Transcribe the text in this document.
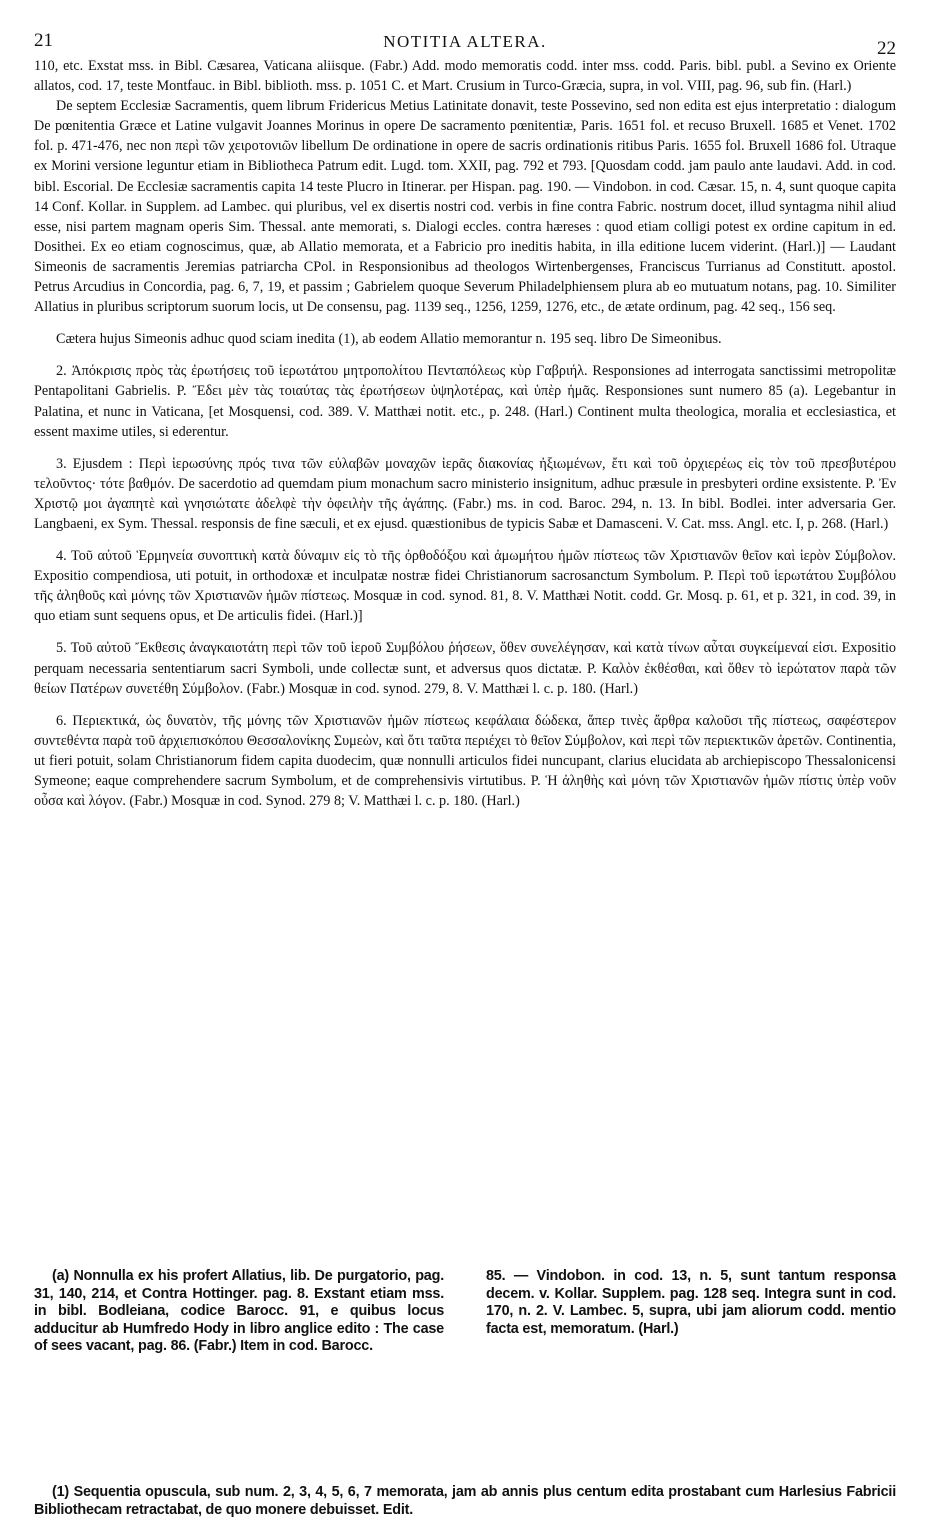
21	NOTITIA ALTERA.	22

110, etc. Exstat mss. in Bibl. Cæsarea, Vaticana aliisque. (Fabr.) Add. modo memoratis codd. inter mss. codd. Paris. bibl. publ. a Sevino ex Oriente allatos, cod. 17, teste Montfauc. in Bibl. biblioth. mss. p. 1051 C. et Mart. Crusium in Turco-Græcia, supra, in vol. VIII, pag. 96, sub fin. (Harl.)

De septem Ecclesiæ Sacramentis, quem librum Fridericus Metius Latinitate donavit, teste Possevino, sed non edita est ejus interpretatio : dialogum De pœnitentia Græce et Latine vulgavit Joannes Morinus in opere De sacramento pœnitentiæ, Paris. 1651 fol. et recuso Bruxell. 1685 et Venet. 1702 fol. p. 471-476, nec non περὶ τῶν χειροτονιῶν libellum De ordinatione in opere de sacris ordinationis ritibus Paris. 1655 fol. Bruxell 1686 fol. Utraque ex Morini versione leguntur etiam in Bibliotheca Patrum edit. Lugd. tom. XXII, pag. 792 et 793. [Quosdam codd. jam paulo ante laudavi. Add. in cod. bibl. Escorial. De Ecclesiæ sacramentis capita 14 teste Plucro in Itinerar. per Hispan. pag. 190. — Vindobon. in cod. Cæsar. 15, n. 4, sunt quoque capita 14 Conf. Kollar. in Supplem. ad Lambec. qui pluribus, vel ex disertis nostri cod. verbis in fine contra Fabric. nostrum docet, illud syntagma nihil aliud esse, nisi partem magnam operis Sim. Thessal. ante memorati, s. Dialogi eccles. contra hæreses : quod etiam colligi potest ex ordine capitum in ed. Dosithei. Ex eo etiam cognoscimus, quæ, ab Allatio memorata, et a Fabricio pro ineditis habita, in illa editione lucem viderint. (Harl.)] — Laudant Simeonis de sacramentis Jeremias patriarcha CPol. in Responsionibus ad theologos Wirtenbergenses, Franciscus Turrianus ad Constitutt. apostol. Petrus Arcudius in Concordia, pag. 6, 7, 19, et passim ; Gabrielem quoque Severum Philadelphiensem plura ab eo mutuatum notans, pag. 10. Similiter Allatius in pluribus scriptorum suorum locis, ut De consensu, pag. 1139 seq., 1256, 1259, 1276, etc., de ætate ordinum, pag. 42 seq., 156 seq.

Cætera hujus Simeonis adhuc quod sciam inedita (1), ab eodem Allatio memorantur n. 195 seq. libro De Simeonibus.

2. Ἀπόκρισις πρὸς τὰς ἐρωτήσεις τοῦ ἱερωτάτου μητροπολίτου Πενταπόλεως κὺρ Γαβριήλ. Responsiones ad interrogata sanctissimi metropolitæ Pentapolitani Gabrielis. P. Ἔδει μὲν τὰς τοιαύτας τὰς ἐρωτήσεων ὑψηλοτέρας, καὶ ὑπὲρ ἡμᾶς. Responsiones sunt numero 85 (a). Legebantur in Palatina, et nunc in Vaticana, [et Mosquensi, cod. 389. V. Matthæi notit. etc., p. 248. (Harl.) Continent multa theologica, moralia et ecclesiastica, et essent maxime utiles, si ederentur.

3. Ejusdem : Περὶ ἱερωσύνης πρός τινα τῶν εὐλαβῶν μοναχῶν ἱερᾶς διακονίας ἠξιωμένων, ἔτι καὶ τοῦ ὀρχιερέως εἰς τὸν τοῦ πρεσβυτέρου τελοῦντος· τότε βαθμόν. De sacerdotio ad quemdam pium monachum sacro ministerio insignitum, adhuc præsule in presbyteri ordine exsistente. P. Ἐν Χριστῷ μοι ἀγαπητὲ καὶ γνησιώτατε ἀδελφὲ τὴν ὀφειλὴν τῆς ἀγάπης. (Fabr.) ms. in cod. Baroc. 294, n. 13. In bibl. Bodlei. inter adversaria Ger. Langbaeni, ex Sym. Thessal. responsis de fine sæculi, et ex ejusd. quæstionibus de typicis Sabæ et Damasceni. V. Cat. mss. Angl. etc. I, p. 268. (Harl.)

4. Τοῦ αὐτοῦ Ἑρμηνεία συνοπτικὴ κατὰ δύναμιν εἰς τὸ τῆς ὀρθοδόξου καὶ ἀμωμήτου ἡμῶν πίστεως τῶν Χριστιανῶν θεῖον καὶ ἱερὸν Σύμβολον. Expositio compendiosa, uti potuit, in orthodoxæ et inculpatæ nostræ fidei Christianorum sacrosanctum Symbolum. P. Περὶ τοῦ ἱερωτάτου Συμβόλου τῆς ἀληθοῦς καὶ μόνης τῶν Χριστιανῶν ἡμῶν πίστεως. Mosquæ in cod. synod. 81, 8. V. Matthæi Notit. codd. Gr. Mosq. p. 61, et p. 321, in cod. 39, in quo etiam sunt sequens opus, et De articulis fidei. (Harl.)]

5. Τοῦ αὐτοῦ Ἔκθεσις ἀναγκαιοτάτη περὶ τῶν τοῦ ἱεροῦ Συμβόλου ῥήσεων, ὅθεν συνελέγησαν, καὶ κατὰ τίνων αὗται συγκείμεναί εἰσι. Expositio perquam necessaria sententiarum sacri Symboli, unde collectæ sunt, et adversus quos dictatæ. P. Καλὸν ἐκθέσθαι, καὶ ὅθεν τὸ ἱερώτατον παρὰ τῶν θείων Πατέρων συνετέθη Σύμβολον. (Fabr.) Mosquæ in cod. synod. 279, 8. V. Matthæi l. c. p. 180. (Harl.)

6. Περιεκτικά, ὡς δυνατὸν, τῆς μόνης τῶν Χριστιανῶν ἡμῶν πίστεως κεφάλαια δώδεκα, ἅπερ τινὲς ἄρθρα καλοῦσι τῆς πίστεως, σαφέστερον συντεθέντα παρὰ τοῦ ἀρχιεπισκόπου Θεσσαλονίκης Συμεὼν, καὶ ὅτι ταῦτα περιέχει τὸ θεῖον Σύμβολον, καὶ περὶ τῶν περιεκτικῶν ἀρετῶν. Continentia, ut fieri potuit, solam Christianorum fidem capita duodecim, quæ nonnulli articulos fidei nuncupant, clarius elucidata ab archiepiscopo Thessalonicensi Symeone; eaque comprehendere sacrum Symbolum, et de comprehensivis virtutibus. P. Ἡ ἀληθὴς καὶ μόνη τῶν Χριστιανῶν ἡμῶν πίστις ὑπὲρ νοῦν οὖσα καὶ λόγον. (Fabr.) Mosquæ in cod. Synod. 279 8; V. Matthæi l. c. p. 180. (Harl.)

(a) Nonnulla ex his profert Allatius, lib. De purgatorio, pag. 31, 140, 214, et Contra Hottinger. pag. 8. Exstant etiam mss. in bibl. Bodleiana, codice Barocc. 91, e quibus locus adducitur ab Humfredo Hody in libro anglice edito : The case of sees vacant, pag. 86. (Fabr.) Item in cod. Barocc.

85. — Vindobon. in cod. 13, n. 5, sunt tantum responsa decem. v. Kollar. Supplem. pag. 128 seq. Integra sunt in cod. 170, n. 2. V. Lambec. 5, supra, ubi jam aliorum codd. mentio facta est, memoratum. (Harl.)

(1) Sequentia opuscula, sub num. 2, 3, 4, 5, 6, 7 memorata, jam ab annis plus centum edita prostabant cum Harlesius Fabricii Bibliothecam retractabat, de quo monere debuisset. Edit.
